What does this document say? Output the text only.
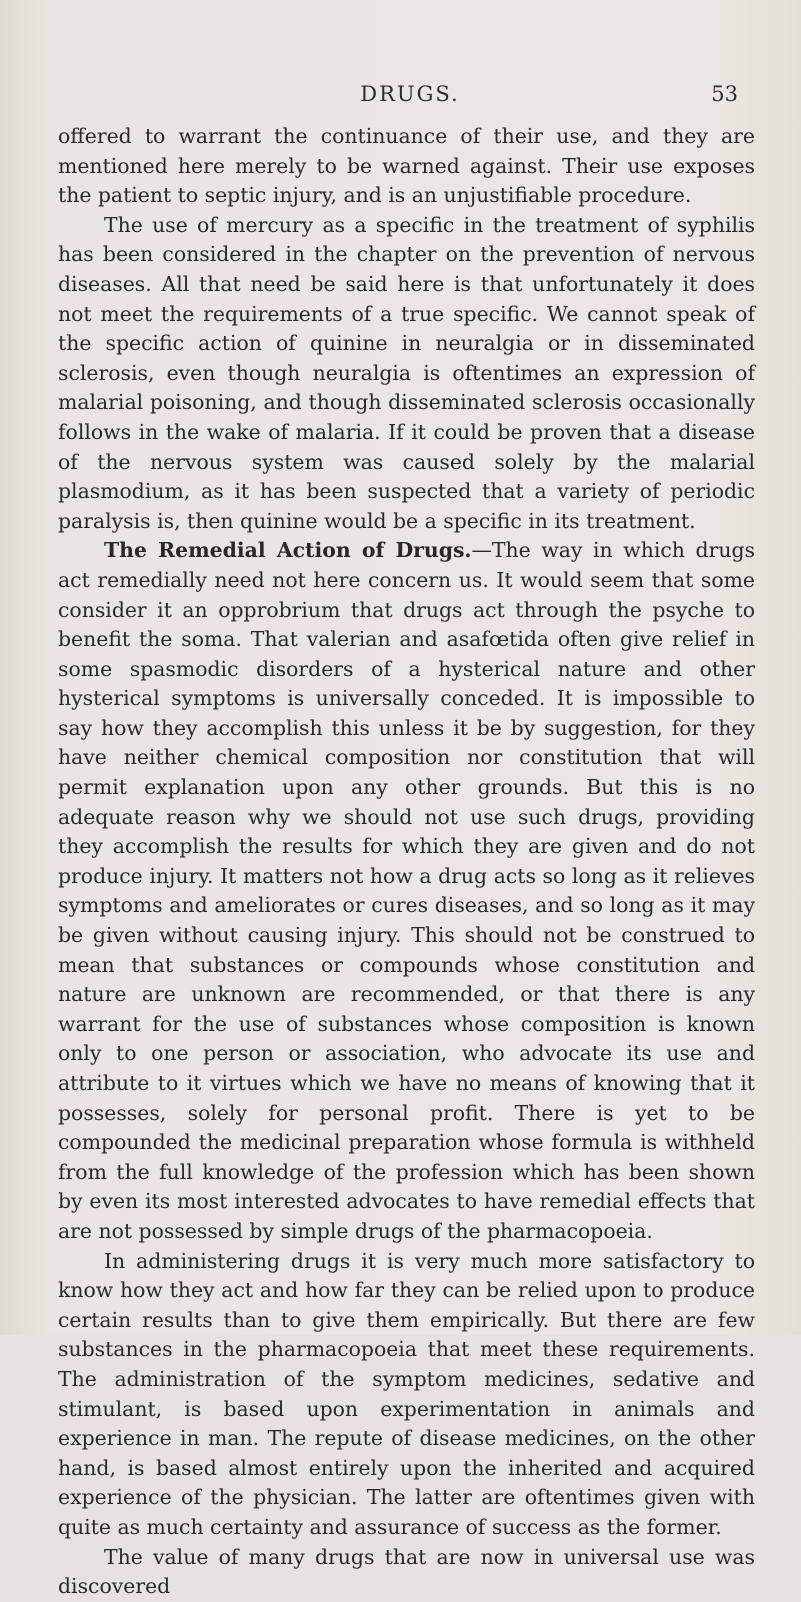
DRUGS.	53

offered to warrant the continuance of their use, and they are mentioned here merely to be warned against. Their use exposes the patient to septic injury, and is an unjustifiable procedure.

The use of mercury as a specific in the treatment of syphilis has been considered in the chapter on the prevention of nervous diseases. All that need be said here is that unfortunately it does not meet the requirements of a true specific. We cannot speak of the specific action of quinine in neuralgia or in disseminated sclerosis, even though neuralgia is oftentimes an expression of malarial poisoning, and though disseminated sclerosis occasionally follows in the wake of malaria. If it could be proven that a disease of the nervous system was caused solely by the malarial plasmodium, as it has been suspected that a variety of periodic paralysis is, then quinine would be a specific in its treatment.

The Remedial Action of Drugs.—The way in which drugs act remedially need not here concern us. It would seem that some consider it an opprobrium that drugs act through the psyche to benefit the soma. That valerian and asafœtida often give relief in some spasmodic disorders of a hysterical nature and other hysterical symptoms is universally conceded. It is impossible to say how they accomplish this unless it be by suggestion, for they have neither chemical composition nor constitution that will permit explanation upon any other grounds. But this is no adequate reason why we should not use such drugs, providing they accomplish the results for which they are given and do not produce injury. It matters not how a drug acts so long as it relieves symptoms and ameliorates or cures diseases, and so long as it may be given without causing injury. This should not be construed to mean that substances or compounds whose constitution and nature are unknown are recommended, or that there is any warrant for the use of substances whose composition is known only to one person or association, who advocate its use and attribute to it virtues which we have no means of knowing that it possesses, solely for personal profit. There is yet to be compounded the medicinal preparation whose formula is withheld from the full knowledge of the profession which has been shown by even its most interested advocates to have remedial effects that are not possessed by simple drugs of the pharmacopoeia.

In administering drugs it is very much more satisfactory to know how they act and how far they can be relied upon to produce certain results than to give them empirically. But there are few substances in the pharmacopoeia that meet these requirements. The administration of the symptom medicines, sedative and stimulant, is based upon experimentation in animals and experience in man. The repute of disease medicines, on the other hand, is based almost entirely upon the inherited and acquired experience of the physician. The latter are oftentimes given with quite as much certainty and assurance of success as the former.

The value of many drugs that are now in universal use was discovered
